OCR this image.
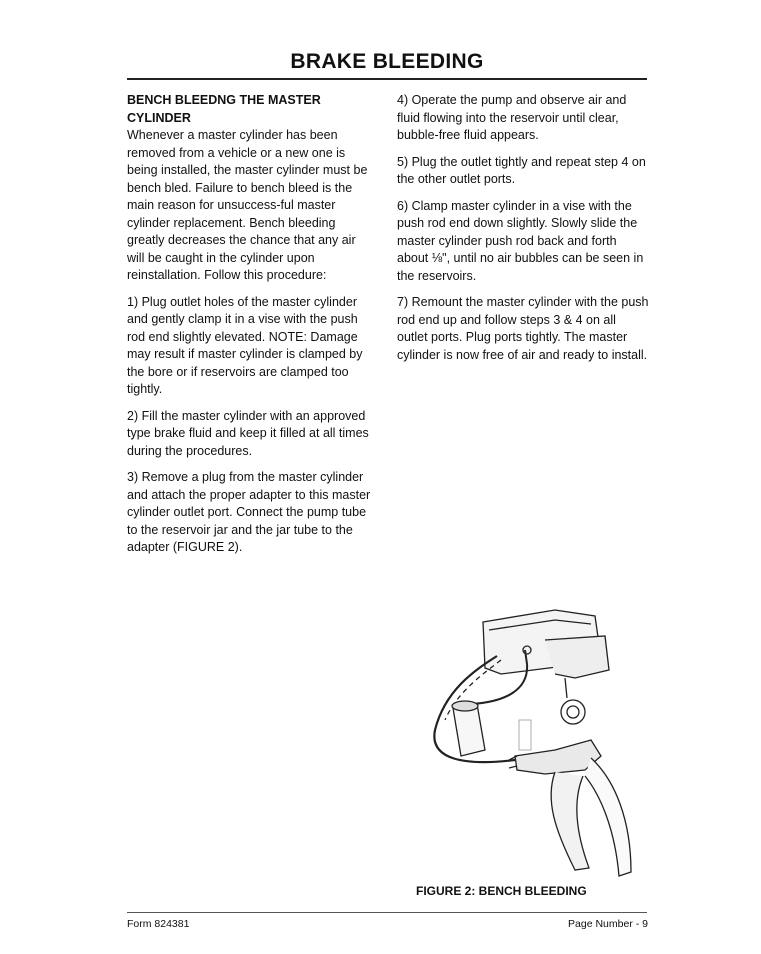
BRAKE BLEEDING

BENCH BLEEDNG THE MASTER CYLINDER
Whenever a master cylinder has been removed from a vehicle or a new one is being installed, the master cylinder must be bench bled. Failure to bench bleed is the main reason for unsuccess-ful master cylinder replacement. Bench bleeding greatly decreases the chance that any air will be caught in the cylinder upon reinstallation. Follow this procedure:

1) Plug outlet holes of the master cylinder and gently clamp it in a vise with the push rod end slightly elevated. NOTE: Damage may result if master cylinder is clamped by the bore or if reservoirs are clamped too tightly.

2) Fill the master cylinder with an approved type brake fluid and keep it filled at all times during the procedures.

3) Remove a plug from the master cylinder and attach the proper adapter to this master cylinder outlet port. Connect the pump tube to the reservoir jar and the jar tube to the adapter (FIGURE 2).

4) Operate the pump and observe air and fluid flowing into the reservoir until clear, bubble-free fluid appears.

5) Plug the outlet tightly and repeat step 4 on the other outlet ports.

6) Clamp master cylinder in a vise with the push rod end down slightly. Slowly slide the master cylinder push rod back and forth about ⅛", until no air bubbles can be seen in the reservoirs.

7) Remount the master cylinder with the push rod end up and follow steps 3 & 4 on all outlet ports. Plug ports tightly. The master cylinder is now free of air and ready to install.

FIGURE 2: BENCH BLEEDING
Form 824381	Page Number - 9
